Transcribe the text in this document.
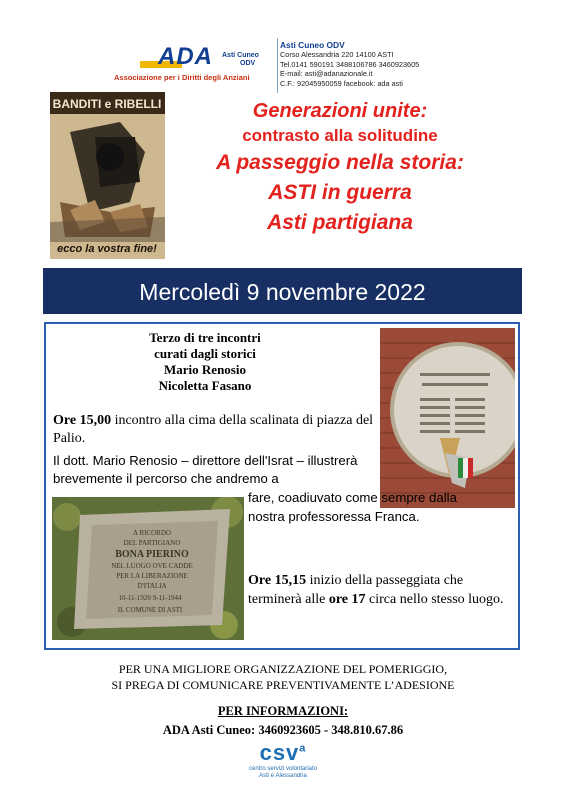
ADA Asti Cuneo
ODV
Associazione per i Diritti degli Anziani
Asti Cuneo ODV
Corso Alessandria 220 14100 ASTI
Tel.0141 590191 3488106786 3460923605
E-mail: asti@adanazionale.it
C.F.: 92045950059 facebook: ada asti
BANDITI e RIBELLI
ecco la vostra fine!
Generazioni unite:
contrasto alla solitudine
A passeggio nella storia:
ASTI in guerra
Asti partigiana
Mercoledì 9 novembre 2022
Terzo di tre incontri
curati dagli storici
Mario Renosio
Nicoletta Fasano
Ore 15,00 incontro alla cima della scalinata di piazza del Palio.
Il dott. Mario Renosio – direttore dell'Israt – illustrerà brevemente il percorso che andremo a
A RICORDO
DEL PARTIGIANO
BONA PIERINO
NEL LUOGO OVE CADDE
PER LA LIBERAZIONE
D'ITALIA
10-11-1920 9-11-1944
IL COMUNE DI ASTI
fare, coadiuvato come sempre dalla nostra professoressa Franca.
Ore 15,15 inizio della passeggiata che terminerà alle ore 17 circa nello stesso luogo.
PER UNA MIGLIORE ORGANIZZAZIONE DEL POMERIGGIO,
SI PREGA DI COMUNICARE PREVENTIVAMENTE L’ADESIONE
PER INFORMAZIONI:
ADA Asti Cuneo: 3460923605 - 348.810.67.86
csv$^a$
centro servizi volontariato
Asti e Alessandria
